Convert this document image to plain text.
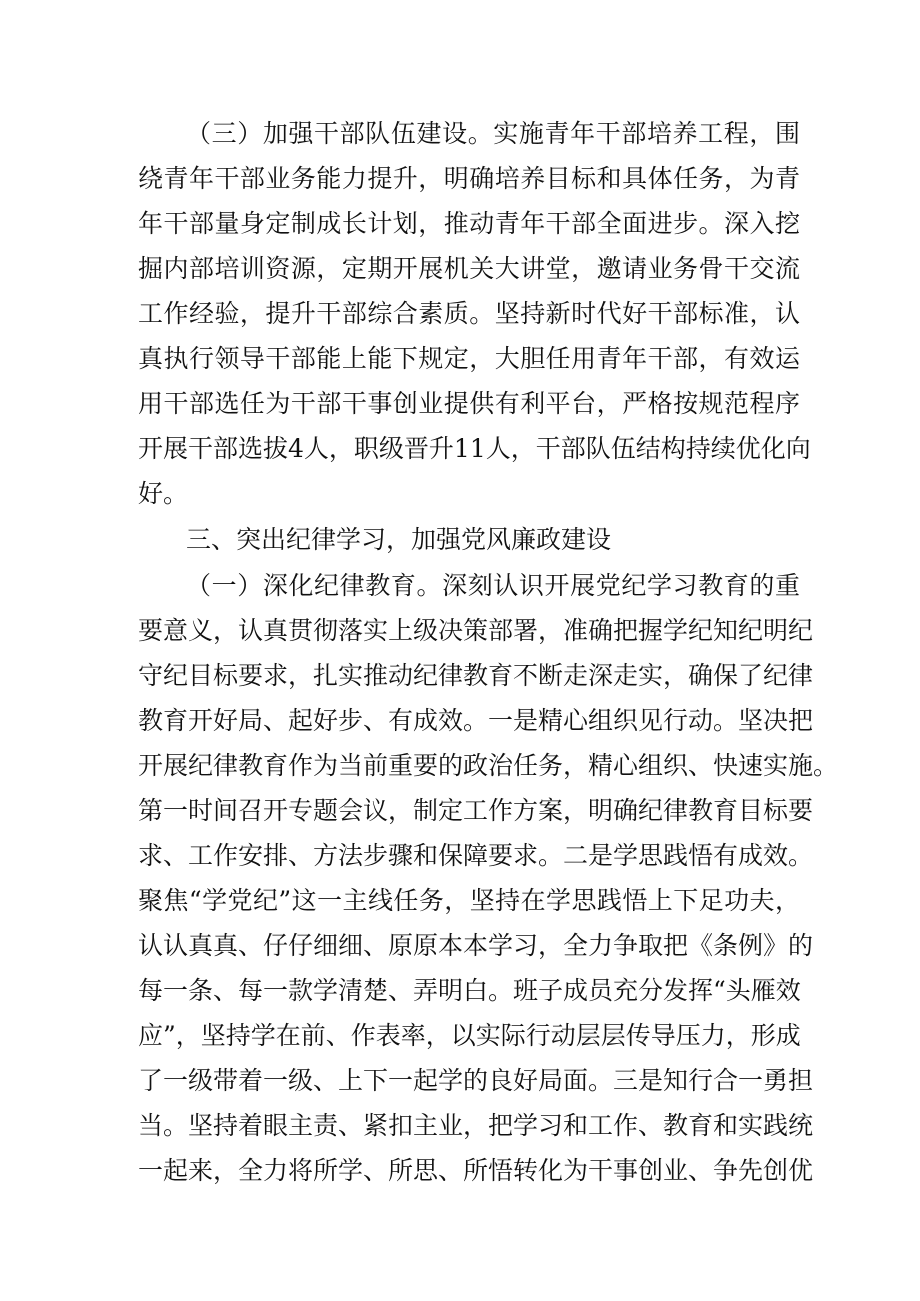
（三）加强干部队伍建设。实施青年干部培养工程，围
绕青年干部业务能力提升，明确培养目标和具体任务，为青
年干部量身定制成长计划，推动青年干部全面进步。深入挖
掘内部培训资源，定期开展机关大讲堂，邀请业务骨干交流
工作经验，提升干部综合素质。坚持新时代好干部标准，认
真执行领导干部能上能下规定，大胆任用青年干部，有效运
用干部选任为干部干事创业提供有利平台，严格按规范程序
开展干部选拔4人，职级晋升11人，干部队伍结构持续优化向
好。
三、突出纪律学习，加强党风廉政建设
（一）深化纪律教育。深刻认识开展党纪学习教育的重
要意义，认真贯彻落实上级决策部署，准确把握学纪知纪明纪
守纪目标要求，扎实推动纪律教育不断走深走实，确保了纪律
教育开好局、起好步、有成效。一是精心组织见行动。坚决把
开展纪律教育作为当前重要的政治任务，精心组织、快速实施。
第一时间召开专题会议，制定工作方案，明确纪律教育目标要
求、工作安排、方法步骤和保障要求。二是学思践悟有成效。
聚焦“学党纪”这一主线任务，坚持在学思践悟上下足功夫，
认认真真、仔仔细细、原原本本学习，全力争取把《条例》的
每一条、每一款学清楚、弄明白。班子成员充分发挥“头雁效
应”，坚持学在前、作表率，以实际行动层层传导压力，形成
了一级带着一级、上下一起学的良好局面。三是知行合一勇担
当。坚持着眼主责、紧扣主业，把学习和工作、教育和实践统
一起来，全力将所学、所思、所悟转化为干事创业、争先创优
